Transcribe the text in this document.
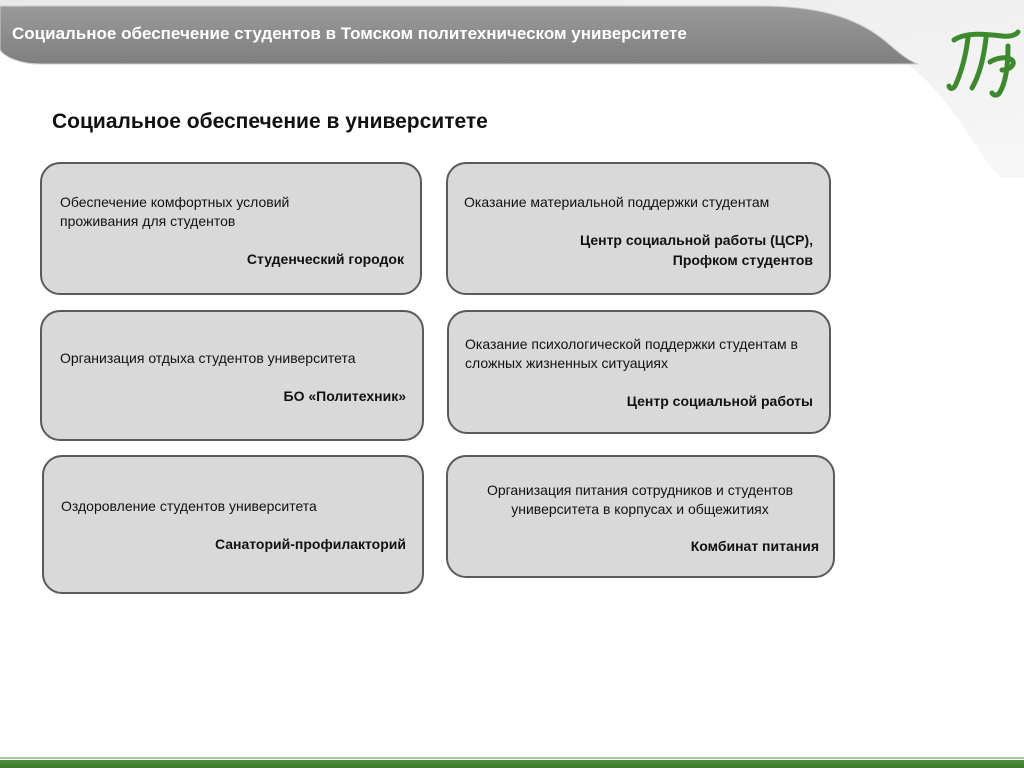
Социальное обеспечение студентов в Томском политехническом университете
Социальное обеспечение в университете
Обеспечение комфортных условий проживания для студентов
Студенческий городок
Оказание материальной поддержки студентам
Центр социальной работы (ЦСР),
Профком студентов
Организация отдыха студентов университета
БО «Политехник»
Оказание психологической поддержки студентам в сложных жизненных ситуациях
Центр социальной работы
Оздоровление студентов университета
Санаторий-профилакторий
Организация питания сотрудников и студентов университета в корпусах и общежитиях
Комбинат питания
